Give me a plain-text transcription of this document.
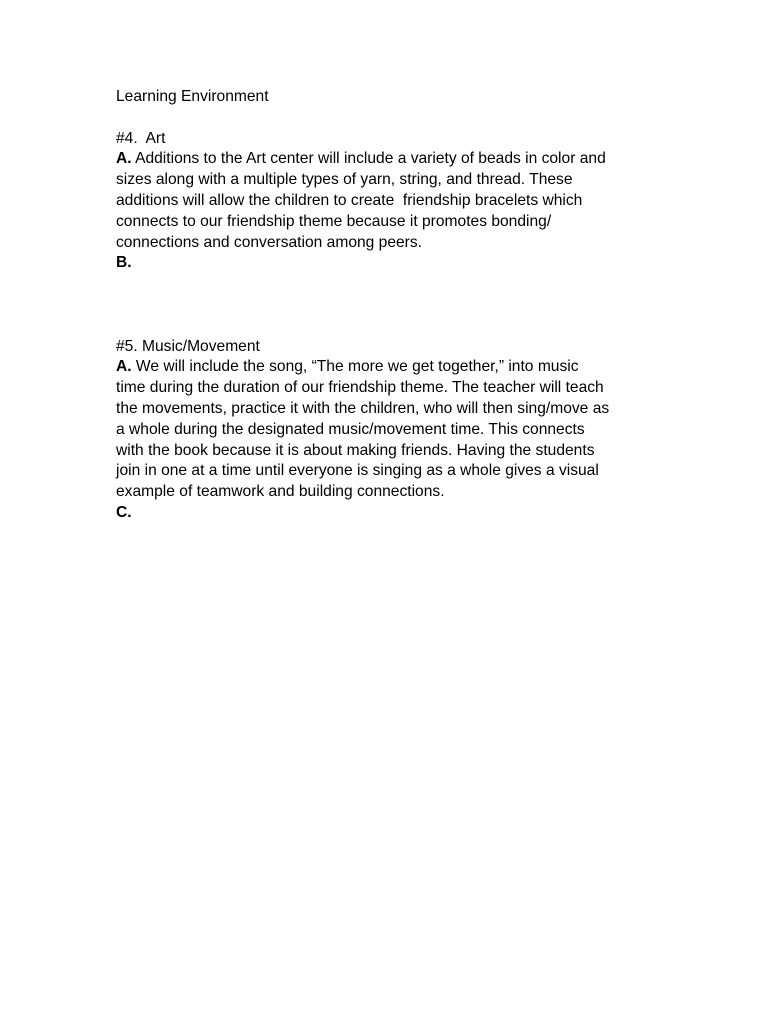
Learning Environment
#4.  Art
A. Additions to the Art center will include a variety of beads in color and
sizes along with a multiple types of yarn, string, and thread. These
additions will allow the children to create  friendship bracelets which
connects to our friendship theme because it promotes bonding/
connections and conversation among peers.
B.
#5. Music/Movement
A. We will include the song, “The more we get together,” into music
time during the duration of our friendship theme. The teacher will teach
the movements, practice it with the children, who will then sing/move as
a whole during the designated music/movement time. This connects
with the book because it is about making friends. Having the students
join in one at a time until everyone is singing as a whole gives a visual
example of teamwork and building connections.
C.
